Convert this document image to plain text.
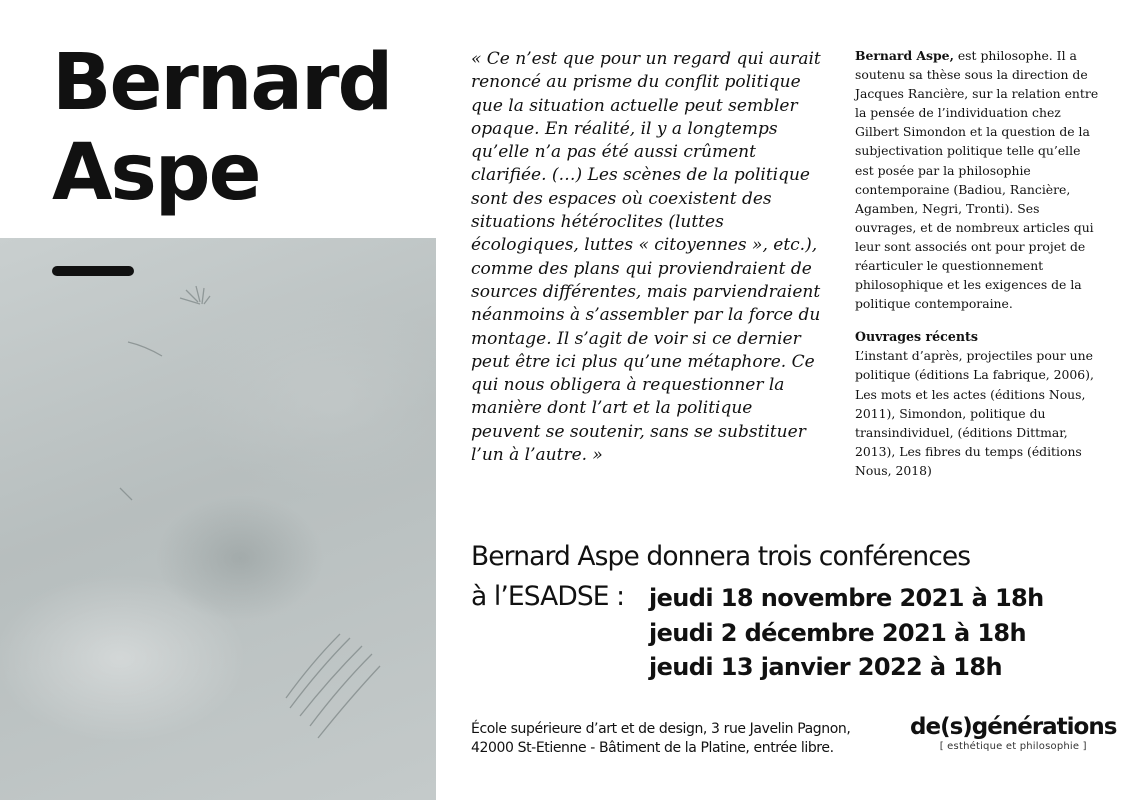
Bernard
Aspe

« Ce n’est que pour un regard qui aurait renoncé au prisme du conflit politique que la situation actuelle peut sembler opaque. En réalité, il y a longtemps qu’elle n’a pas été aussi crûment clarifiée. (…) Les scènes de la politique sont des espaces où coexistent des situations hétéroclites (luttes écologiques, luttes « citoyennes », etc.), comme des plans qui proviendraient de sources différentes, mais parviendraient néanmoins à s’assembler par la force du montage. Il s’agit de voir si ce dernier peut être ici plus qu’une métaphore. Ce qui nous obligera à requestionner la manière dont l’art et la politique peuvent se soutenir, sans se substituer l’un à l’autre. »

Bernard Aspe, est philosophe. Il a soutenu sa thèse sous la direction de Jacques Rancière, sur la relation entre la pensée de l’individuation chez Gilbert Simondon et la question de la subjectivation politique telle qu’elle est posée par la philosophie contemporaine (Badiou, Rancière, Agamben, Negri, Tronti). Ses ouvrages, et de nombreux articles qui leur sont associés ont pour projet de réarticuler le questionnement philosophique et les exigences de la politique contemporaine.

Ouvrages récents

L’instant d’après, projectiles pour une politique (éditions La fabrique, 2006), Les mots et les actes (éditions Nous, 2011), Simondon, politique du transindividuel, (éditions Dittmar, 2013), Les fibres du temps (éditions Nous, 2018)

Bernard Aspe donnera trois conférences
à l’ESADSE : jeudi 18 novembre 2021 à 18h
jeudi 2 décembre 2021 à 18h
jeudi 13 janvier 2022 à 18h
École supérieure d’art et de design, 3 rue Javelin Pagnon,
42000 St-Etienne - Bâtiment de la Platine, entrée libre.
de(s)générations
[ esthétique et philosophie ]
